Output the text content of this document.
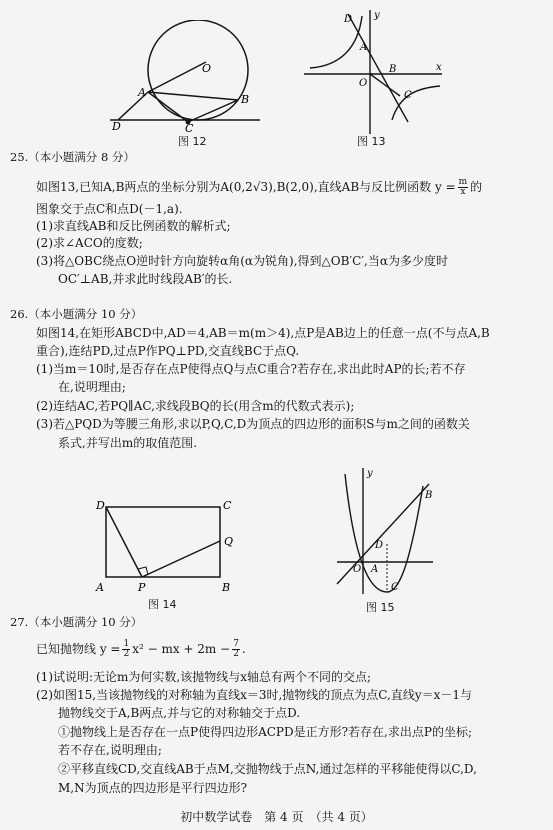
O
A
B
D	C
图 12
D y
A
B
O
C
x
图 13
25.（本小题满分 8 分）
如图13,已知A,B两点的坐标分别为A(0,2√3),B(2,0),直线AB与反比例函数 $y = \frac{m}{x}$ 的
图象交于点C和点D(－1,a).
(1)求直线AB和反比例函数的解析式;
(2)求∠ACO的度数;
(3)将△OBC绕点O逆时针方向旋转α角(α为锐角),得到△OB′C′,当α为多少度时
OC′⊥AB,并求此时线段AB′的长.
26.（本小题满分 10 分）
如图14,在矩形ABCD中,AD＝4,AB＝m(m＞4),点P是AB边上的任意一点(不与点A,B
重合),连结PD,过点P作PQ⊥PD,交直线BC于点Q.
(1)当m＝10时,是否存在点P使得点Q与点C重合?若存在,求出此时AP的长;若不存
在,说明理由;
(2)连结AC,若PQ∥AC,求线段BQ的长(用含m的代数式表示);
(3)若△PQD为等腰三角形,求以P,Q,C,D为顶点的四边形的面积S与m之间的函数关
系式,并写出m的取值范围.
D	C
Q
A	P	B
图 14
y
B
D
O A
C
图 15
27.（本小题满分 10 分）
已知抛物线 $y = \frac{1}{2} x^2$ − mx + $2m - \frac{7}{2}$ .
(1)试说明:无论m为何实数,该抛物线与x轴总有两个不同的交点;
(2)如图15,当该抛物线的对称轴为直线x＝3时,抛物线的顶点为点C,直线y＝x－1与
抛物线交于A,B两点,并与它的对称轴交于点D.
①抛物线上是否存在一点P使得四边形ACPD是正方形?若存在,求出点P的坐标;
若不存在,说明理由;
②平移直线CD,交直线AB于点M,交抛物线于点N,通过怎样的平移能使得以C,D,
M,N为顶点的四边形是平行四边形?
初中数学试卷　第 4 页　（共 4 页）
